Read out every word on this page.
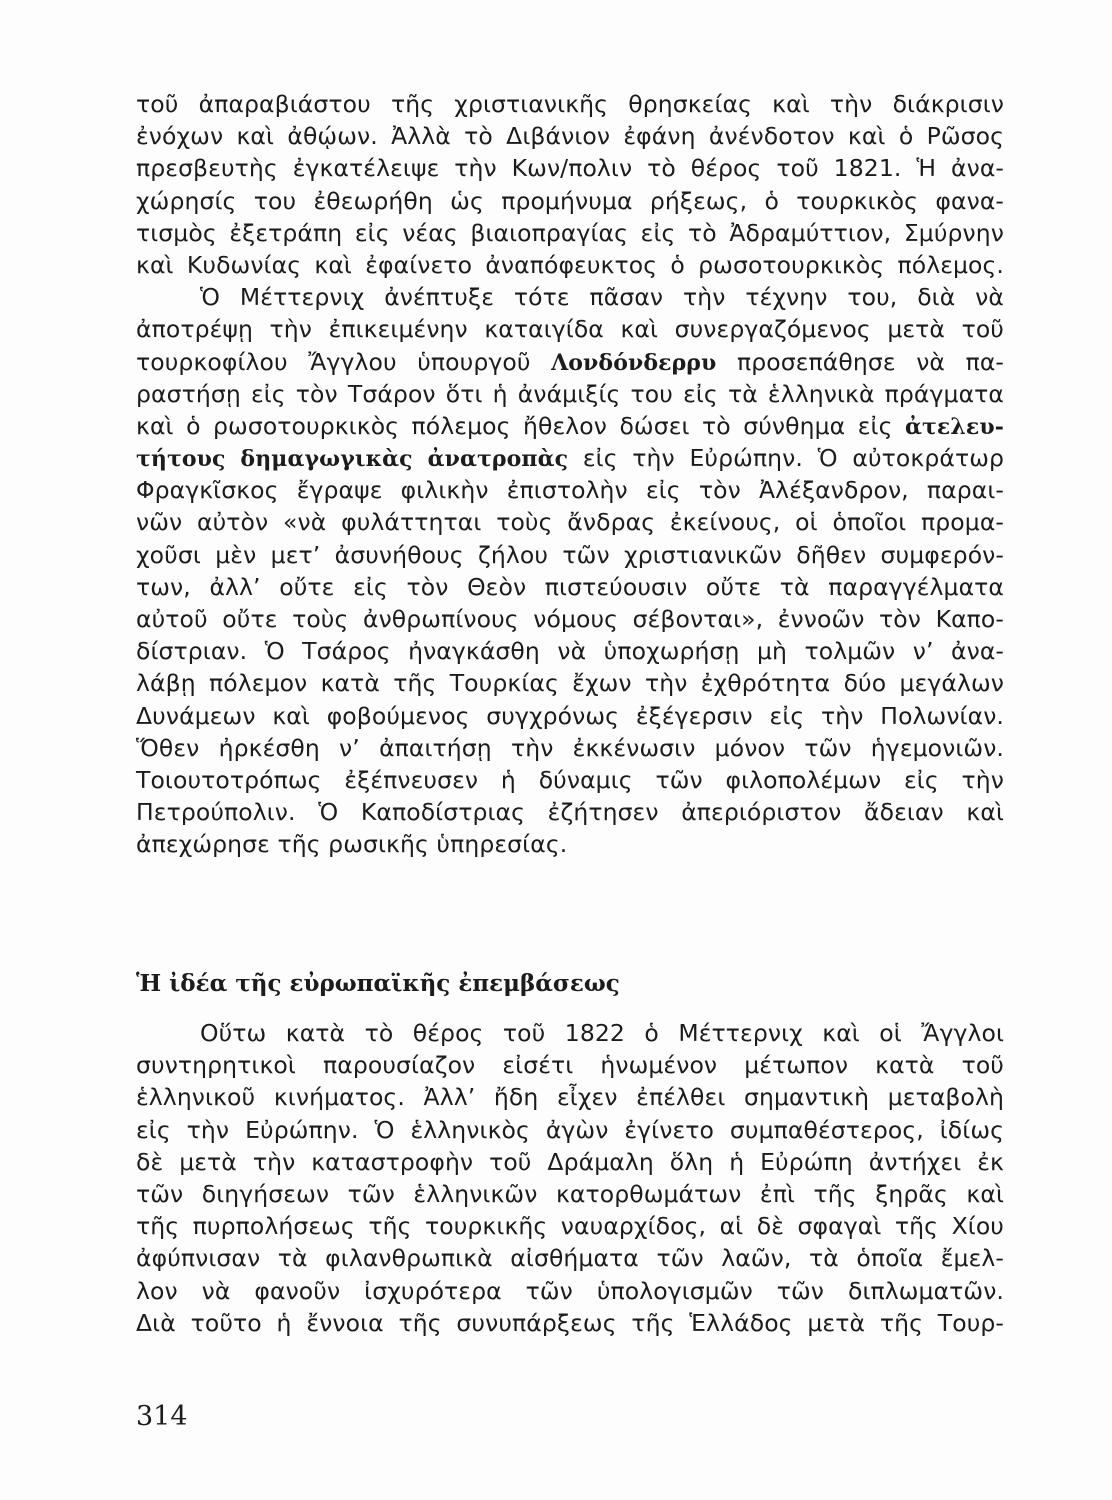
τοῦ ἀπαραβιάστου τῆς χριστιανικῆς θρησκείας καὶ τὴν διάκρισιν
ἐνόχων καὶ ἀθῴων. Ἀλλὰ τὸ Διβάνιον ἐφάνη ἀνένδοτον καὶ ὁ Ρῶσος
πρεσβευτὴς ἐγκατέλειψε τὴν Κων/πολιν τὸ θέρος τοῦ 1821. Ἡ ἀνα-
χώρησίς του ἐθεωρήθη ὡς προμήνυμα ρήξεως, ὁ τουρκικὸς φανα-
τισμὸς ἐξετράπη εἰς νέας βιαιοπραγίας εἰς τὸ Ἀδραμύττιον, Σμύρνην
καὶ Κυδωνίας καὶ ἐφαίνετο ἀναπόφευκτος ὁ ρωσοτουρκικὸς πόλεμος.
Ὁ Μέττερνιχ ἀνέπτυξε τότε πᾶσαν τὴν τέχνην του, διὰ νὰ
ἀποτρέψῃ τὴν ἐπικειμένην καταιγίδα καὶ συνεργαζόμενος μετὰ τοῦ
τουρκοφίλου Ἄγγλου ὑπουργοῦ Λονδόνδερρυ προσεπάθησε νὰ πα-
ραστήσῃ εἰς τὸν Τσάρον ὅτι ἡ ἀνάμιξίς του εἰς τὰ ἑλληνικὰ πράγματα
καὶ ὁ ρωσοτουρκικὸς πόλεμος ἤθελον δώσει τὸ σύνθημα εἰς ἀτελευ-
τήτους δημαγωγικὰς ἀνατροπὰς εἰς τὴν Εὐρώπην. Ὁ αὐτοκράτωρ
Φραγκῖσκος ἔγραψε φιλικὴν ἐπιστολὴν εἰς τὸν Ἀλέξανδρον, παραι-
νῶν αὐτὸν «νὰ φυλάττηται τοὺς ἄνδρας ἐκείνους, οἱ ὁποῖοι προμα-
χοῦσι μὲν μετ’ ἀσυνήθους ζήλου τῶν χριστιανικῶν δῆθεν συμφερόν-
των, ἀλλ’ οὔτε εἰς τὸν Θεὸν πιστεύουσιν οὔτε τὰ παραγγέλματα
αὐτοῦ οὔτε τοὺς ἀνθρωπίνους νόμους σέβονται», ἐννοῶν τὸν Καπο-
δίστριαν. Ὁ Τσάρος ἠναγκάσθη νὰ ὑποχωρήσῃ μὴ τολμῶν ν’ ἀνα-
λάβῃ πόλεμον κατὰ τῆς Τουρκίας ἔχων τὴν ἐχθρότητα δύο μεγάλων
Δυνάμεων καὶ φοβούμενος συγχρόνως ἐξέγερσιν εἰς τὴν Πολωνίαν.
Ὅθεν ἠρκέσθη ν’ ἀπαιτήσῃ τὴν ἐκκένωσιν μόνον τῶν ἡγεμονιῶν.
Τοιουτοτρόπως ἐξέπνευσεν ἡ δύναμις τῶν φιλοπολέμων εἰς τὴν
Πετρούπολιν. Ὁ Καποδίστριας ἐζήτησεν ἀπεριόριστον ἄδειαν καὶ
ἀπεχώρησε τῆς ρωσικῆς ὑπηρεσίας.
Ἡ ἰδέα τῆς εὐρωπαϊκῆς ἐπεμβάσεως
Οὕτω κατὰ τὸ θέρος τοῦ 1822 ὁ Μέττερνιχ καὶ οἱ Ἄγγλοι
συντηρητικοὶ παρουσίαζον εἰσέτι ἡνωμένον μέτωπον κατὰ τοῦ
ἑλληνικοῦ κινήματος. Ἀλλ’ ἤδη εἶχεν ἐπέλθει σημαντικὴ μεταβολὴ
εἰς τὴν Εὐρώπην. Ὁ ἑλληνικὸς ἀγὼν ἐγίνετο συμπαθέστερος, ἰδίως
δὲ μετὰ τὴν καταστροφὴν τοῦ Δράμαλη ὅλη ἡ Εὐρώπη ἀντήχει ἐκ
τῶν διηγήσεων τῶν ἑλληνικῶν κατορθωμάτων ἐπὶ τῆς ξηρᾶς καὶ
τῆς πυρπολήσεως τῆς τουρκικῆς ναυαρχίδος, αἱ δὲ σφαγαὶ τῆς Χίου
ἀφύπνισαν τὰ φιλανθρωπικὰ αἰσθήματα τῶν λαῶν, τὰ ὁποῖα ἔμελ-
λον νὰ φανοῦν ἰσχυρότερα τῶν ὑπολογισμῶν τῶν διπλωματῶν.
Διὰ τοῦτο ἡ ἔννοια τῆς συνυπάρξεως τῆς Ἑλλάδος μετὰ τῆς Τουρ-
314
